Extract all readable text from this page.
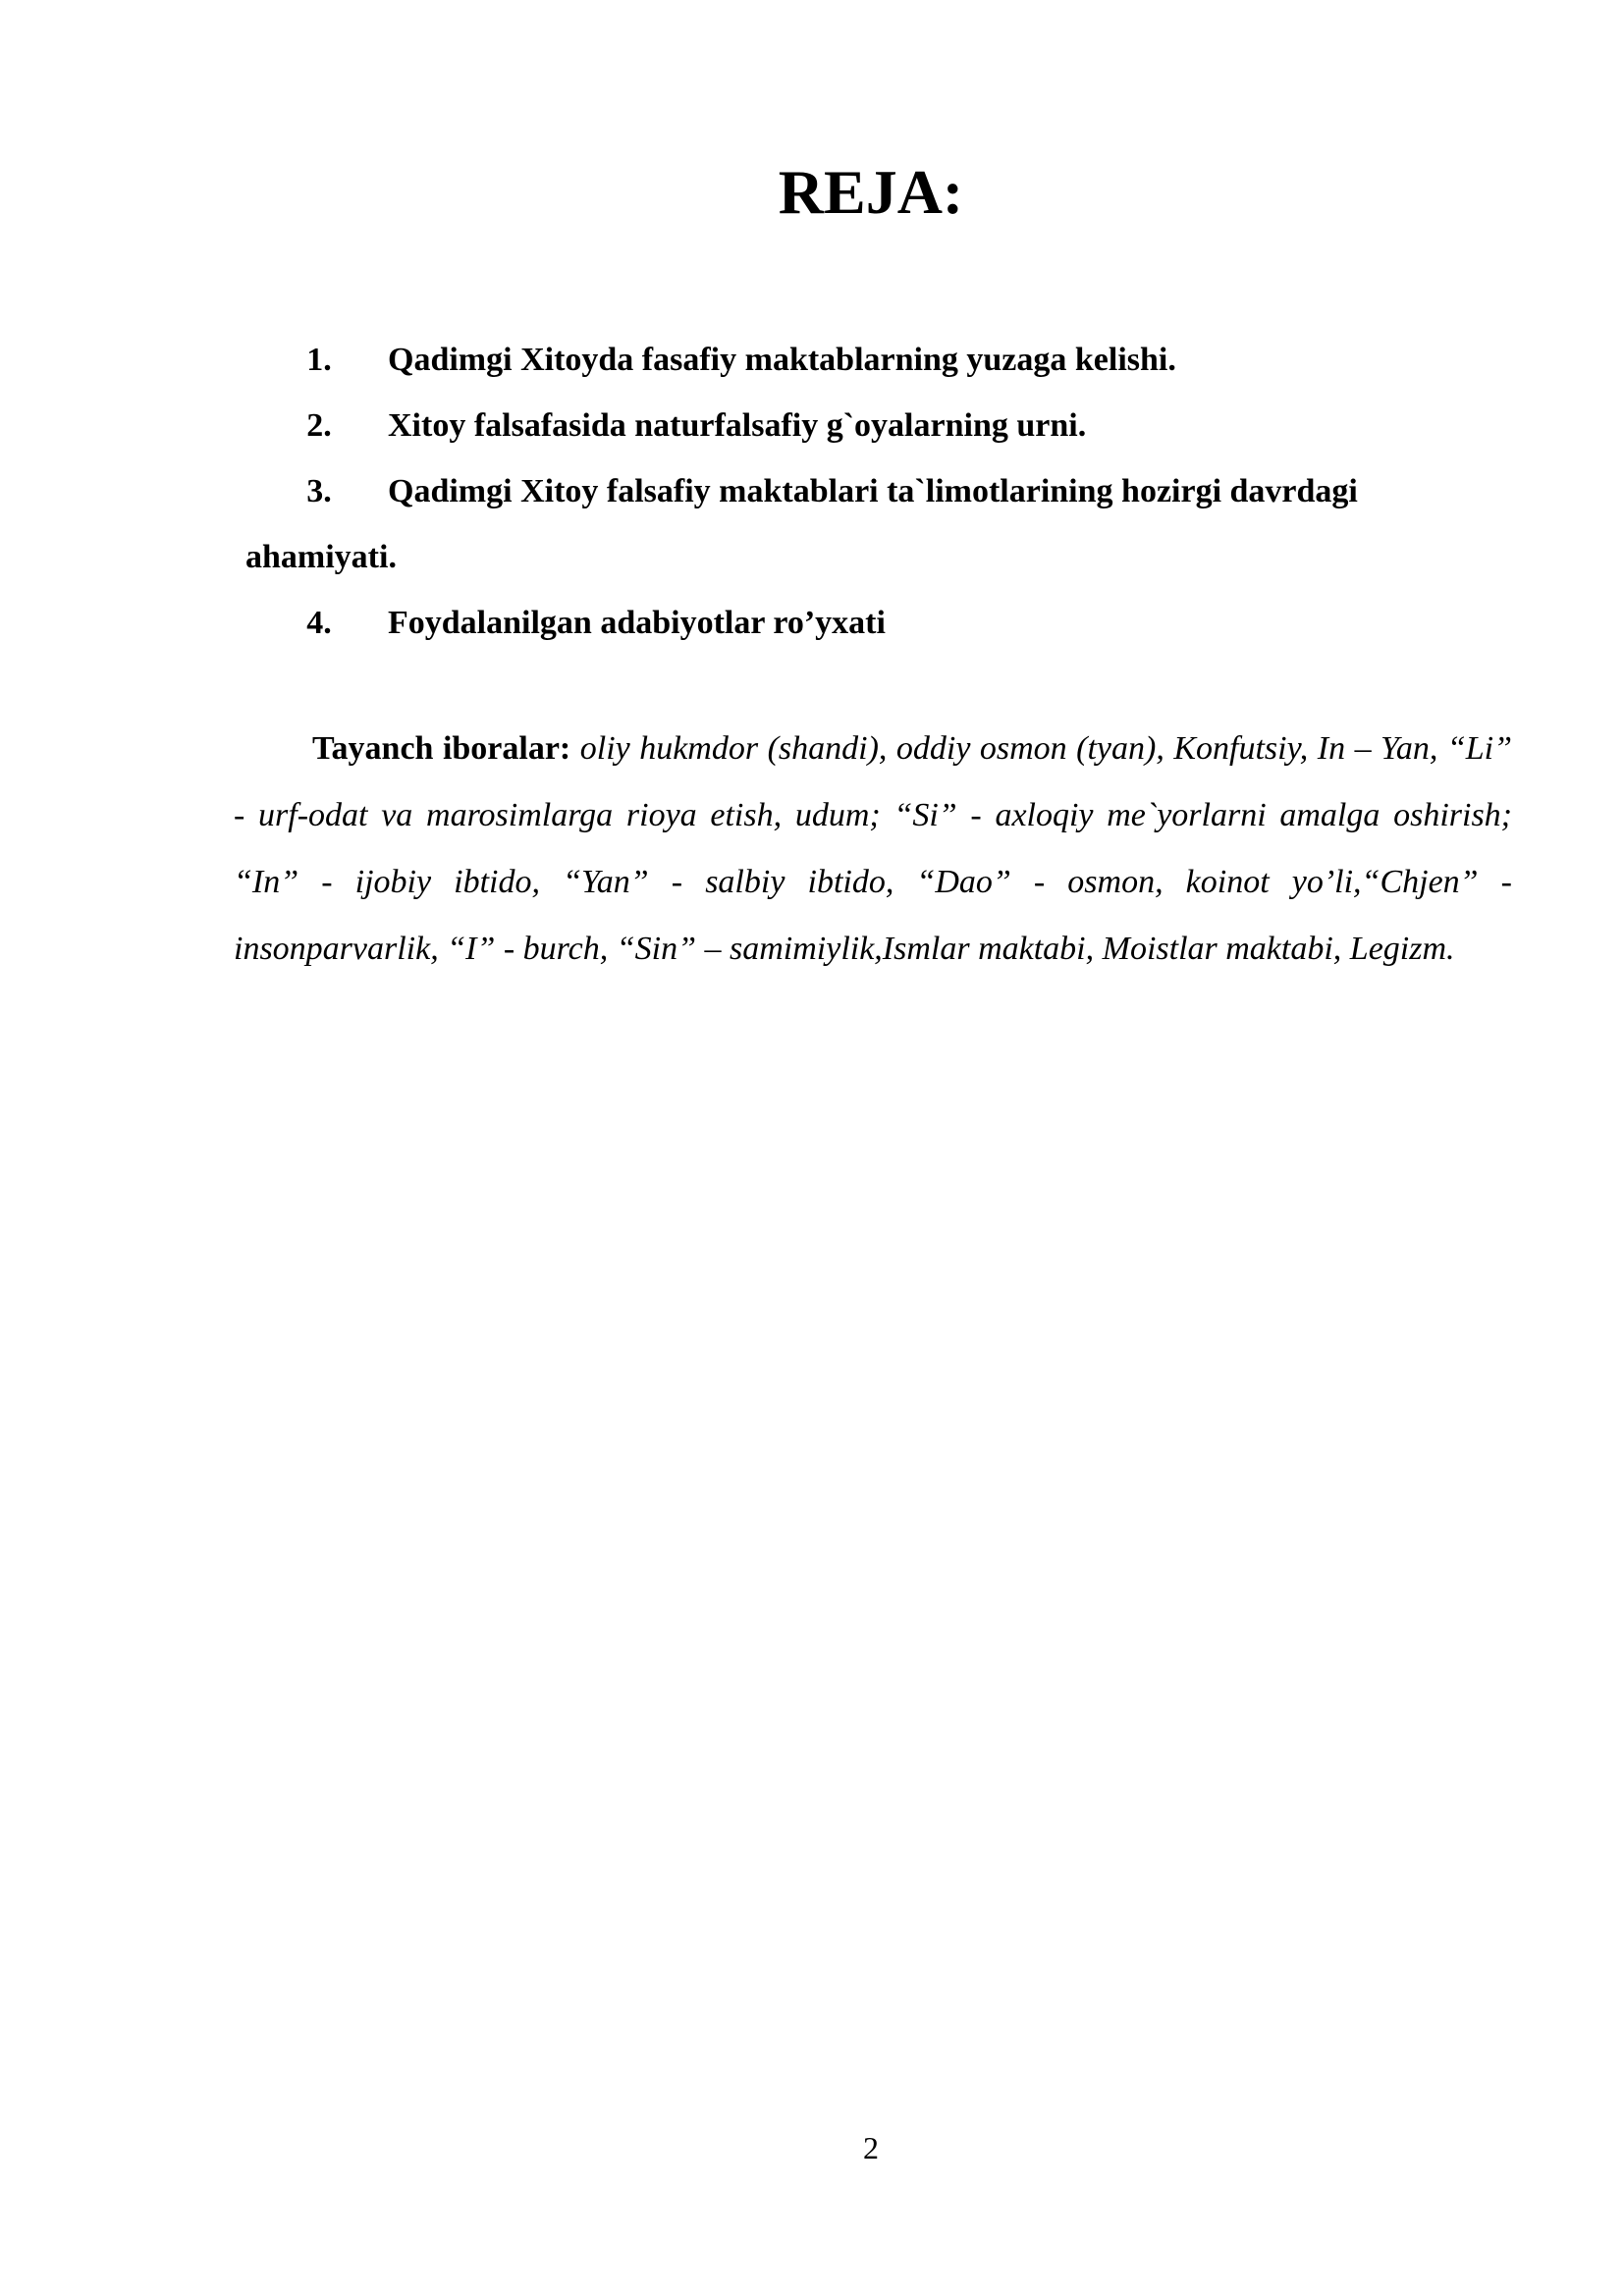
REJA:
1.	Qadimgi Xitoyda fasafiy maktablarning yuzaga kelishi.
2.	Xitoy falsafasida naturfalsafiy g`oyalarning urni.
3.	Qadimgi Xitoy falsafiy maktablari ta`limotlarining hozirgi davrdagi
ahamiyati.
4.	Foydalanilgan adabiyotlar ro’yxati

Tayanch iboralar: oliy hukmdor (shandi), oddiy osmon (tyan), Konfutsiy, In – Yan, “Li” - urf-odat va marosimlarga rioya etish, udum; “Si” - axloqiy me`yorlarni amalga oshirish; “In” - ijobiy ibtido, “Yan” - salbiy ibtido, “Dao” - osmon, koinot yo’li,“Chjen” - insonparvarlik, “I” - burch, “Sin” – samimiylik,Ismlar maktabi, Moistlar maktabi, Legizm.

2
